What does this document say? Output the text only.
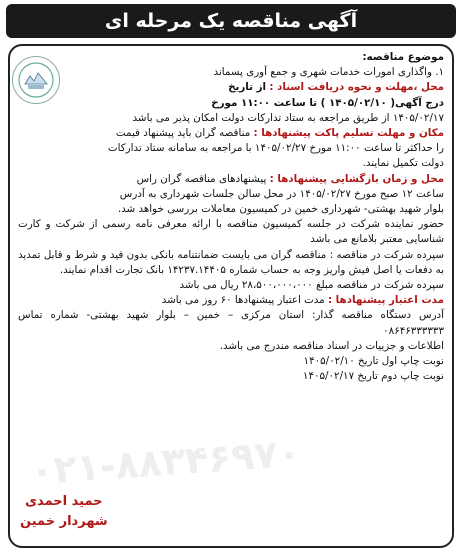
آگهی مناقصه یک مرحله ای
۰۲۱-۸۸۳۴۶۹۷۰
موضوع مناقصه:
۱. واگذاری امورات خدمات شهری و جمع آوری پسماند
محل ،مهلت و نحوه دریافت اسناد : از تاریخ
درج آگهی( ۱۴۰۵/۰۲/۱۰ ) تا ساعت ۱۱:۰۰ مورخ
۱۴۰۵/۰۲/۱۷ از طریق مراجعه به ستاد تدارکات دولت امکان پذیر می باشد
مکان و مهلت تسلیم پاکت پیشنهادها : مناقصه گران باید پیشنهاد قیمت
را حداکثر تا ساعت ۱۱:۰۰ مورخ ۱۴۰۵/۰۲/۲۷ با مراجعه به سامانه ستاد تدارکات
دولت تکمیل نمایند.
محل و زمان بازگشایی پیشنهادها : پیشنهادهای مناقصه گران راس
ساعت ۱۲ صبح مورخ ۱۴۰۵/۰۲/۲۷ در محل سالن جلسات شهرداری به آدرس
بلوار شهید بهشتی- شهرداری خمین در کمیسیون معاملات بررسی خواهد شد.
حضور نماینده شرکت در جلسه کمیسیون مناقصه با ارائه معرفی نامه رسمی از شرکت و کارت شناسایی معتبر بلامانع می باشد
سپرده شرکت در مناقصه : مناقصه گران می بایست ضمانتنامه بانکی بدون قید و شرط و قابل تمدید به دفعات یا اصل فیش واریز وجه به حساب شماره ۱۴۲۳۷.۱۴۴۰۵ بانک تجارت اقدام نمایند.
سپرده شرکت در مناقصه مبلغ ۲۸،۵۰۰،۰۰۰،۰۰۰ ریال می باشد
مدت اعتبار پیشنهادها : مدت اعتبار پیشنهادها ۶۰ روز می باشد
آدرس دستگاه مناقصه گذار: استان مرکزی – خمین – بلوار شهید بهشتی- شماره تماس ۰۸۶۴۶۳۳۳۳۳۳
اطلاعات و جزییات در اسناد مناقصه مندرج می باشد.
نوبت چاپ اول تاریخ ۱۴۰۵/۰۲/۱۰
نوبت چاپ دوم تاریخ ۱۴۰۵/۰۲/۱۷
حمید احمدی
شهردار خمین
